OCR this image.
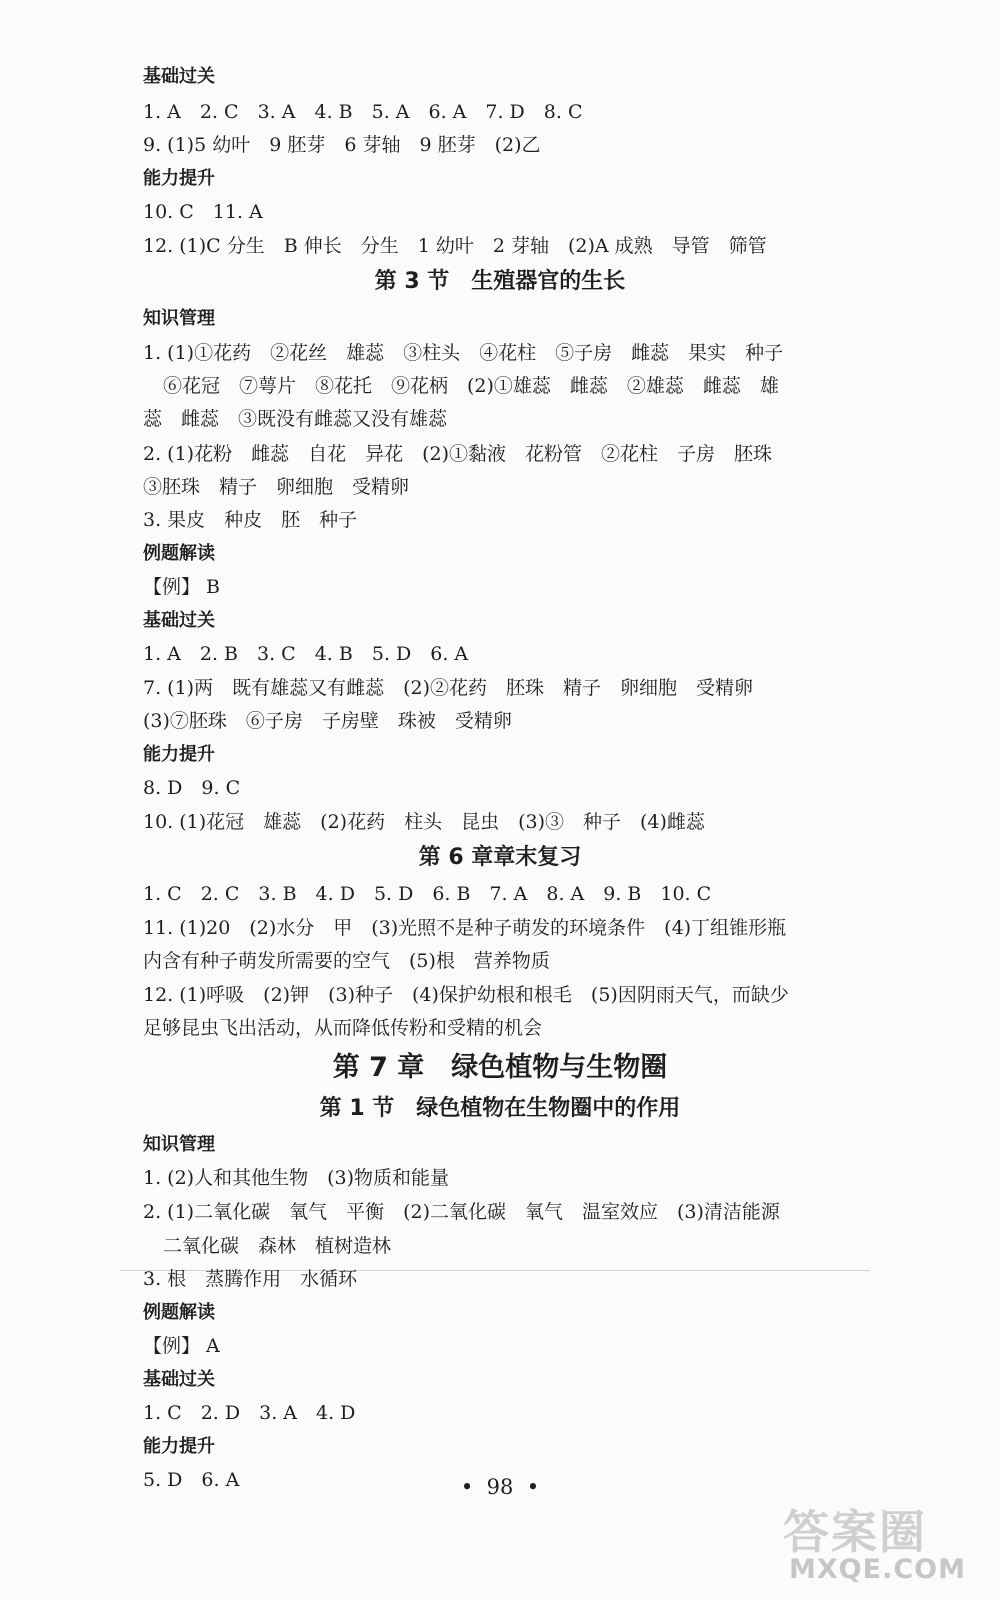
基础过关
1. A　2. C　3. A　4. B　5. A　6. A　7. D　8. C
9. (1)5 幼叶　9 胚芽　6 芽轴　9 胚芽　(2)乙
能力提升
10. C　11. A
12. (1)C 分生　B 伸长　分生　1 幼叶　2 芽轴　(2)A 成熟　导管　筛管
第 3 节　生殖器官的生长
知识管理
1. (1)①花药　②花丝　雄蕊　③柱头　④花柱　⑤子房　雌蕊　果实　种子
⑥花冠　⑦萼片　⑧花托　⑨花柄　(2)①雄蕊　雌蕊　②雄蕊　雌蕊　雄
蕊　雌蕊　③既没有雌蕊又没有雄蕊
2. (1)花粉　雌蕊　自花　异花　(2)①黏液　花粉管　②花柱　子房　胚珠
③胚珠　精子　卵细胞　受精卵
3. 果皮　种皮　胚　种子
例题解读
【例】 B
基础过关
1. A　2. B　3. C　4. B　5. D　6. A
7. (1)两　既有雄蕊又有雌蕊　(2)②花药　胚珠　精子　卵细胞　受精卵
(3)⑦胚珠　⑥子房　子房壁　珠被　受精卵
能力提升
8. D　9. C
10. (1)花冠　雄蕊　(2)花药　柱头　昆虫　(3)③　种子　(4)雌蕊
第 6 章章末复习
1. C　2. C　3. B　4. D　5. D　6. B　7. A　8. A　9. B　10. C
11. (1)20　(2)水分　甲　(3)光照不是种子萌发的环境条件　(4)丁组锥形瓶
内含有种子萌发所需要的空气　(5)根　营养物质
12. (1)呼吸　(2)钾　(3)种子　(4)保护幼根和根毛　(5)因阴雨天气，而缺少
足够昆虫飞出活动，从而降低传粉和受精的机会
第 7 章　绿色植物与生物圈
第 1 节　绿色植物在生物圈中的作用
知识管理
1. (2)人和其他生物　(3)物质和能量
2. (1)二氧化碳　氧气　平衡　(2)二氧化碳　氧气　温室效应　(3)清洁能源
二氧化碳　森林　植树造林
3. 根　蒸腾作用　水循环
例题解读
【例】 A
基础过关
1. C　2. D　3. A　4. D
能力提升
5. D　6. A	•  98  •
答案圈
MXQE.COM
